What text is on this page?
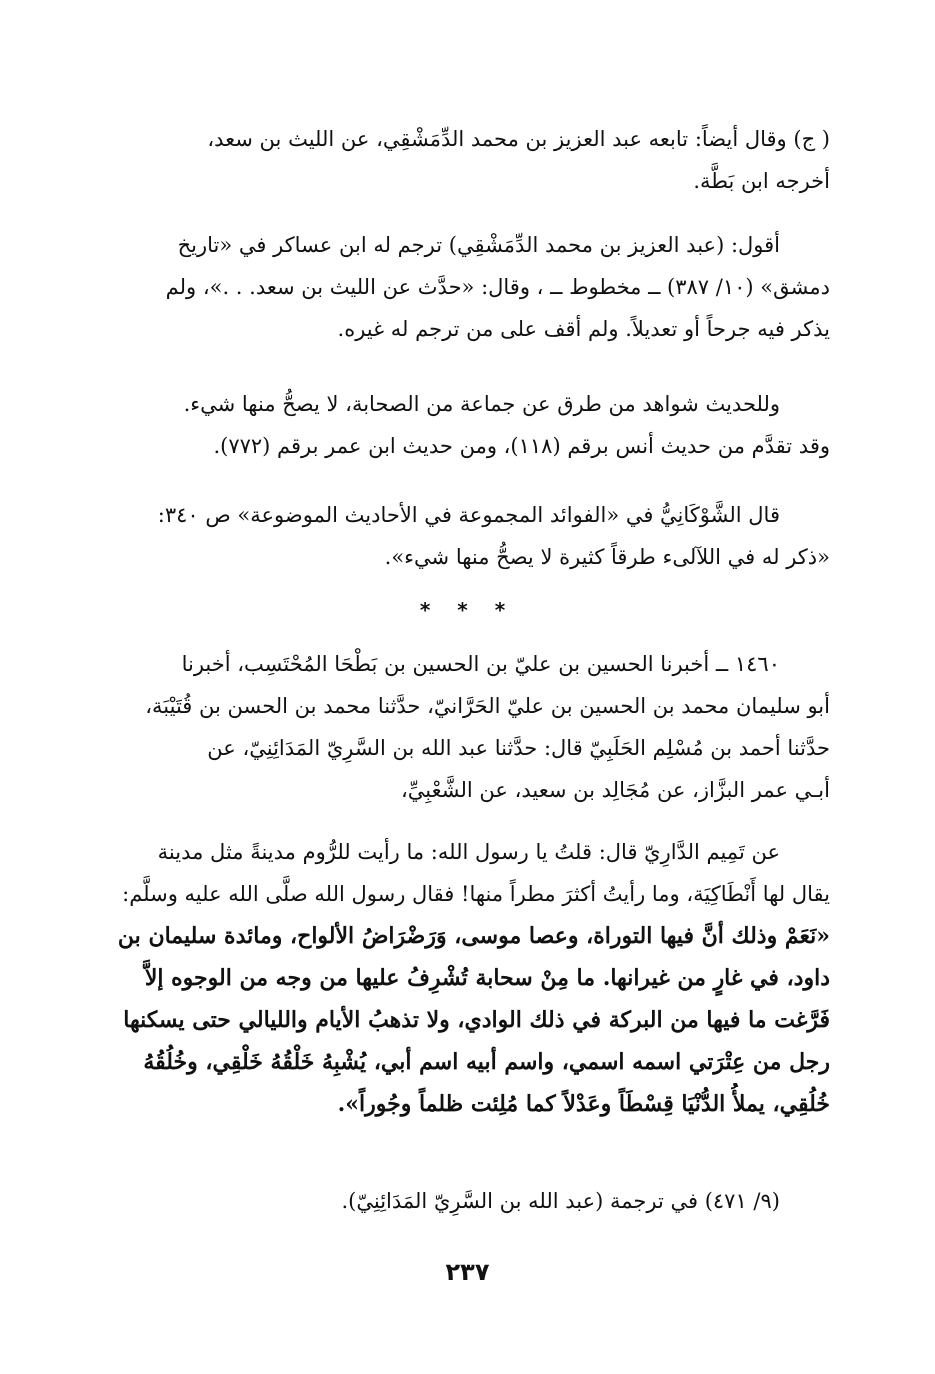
( ج) وقال أيضاً: تابعه عبد العزيز بن محمد الدِّمَشْقِي، عن الليث بن سعد،
أخرجه ابن بَطَّة.
أقول: (عبد العزيز بن محمد الدِّمَشْقِي) ترجم له ابن عساكر في «تاريخ
دمشق» (١٠/ ٣٨٧) ــ مخطوط ــ ، وقال: «حدَّث عن الليث بن سعد. . .»، ولم
يذكر فيه جرحاً أو تعديلاً. ولم أقف على من ترجم له غيره.
وللحديث شواهد من طرق عن جماعة من الصحابة، لا يصحُّ منها شيء.
وقد تقدَّم من حديث أنس برقم (١١٨)، ومن حديث ابن عمر برقم (٧٧٢).
قال الشَّوْكَانِيُّ في «الفوائد المجموعة في الأحاديث الموضوعة» ص ٣٤٠:
«ذكر له في اللآلىء طرقاً كثيرة لا يصحُّ منها شيء».
* * *
١٤٦٠ ــ أخبرنا الحسين بن عليّ بن الحسين بن بَطْحَا المُحْتَسِب، أخبرنا
أبو سليمان محمد بن الحسين بن عليّ الحَرَّانيّ، حدَّثنا محمد بن الحسن بن قُتَيْبَة،
حدَّثنا أحمد بن مُسْلِم الحَلَبِيّ قال: حدَّثنا عبد الله بن السَّرِيّ المَدَائِنِيّ، عن
أبـي عمر البزَّاز، عن مُجَالِد بن سعيد، عن الشَّعْبِيِّ،
عن تَمِيم الدَّارِيّ قال: قلتُ يا رسول الله: ما رأيت للرُّوم مدينةً مثل مدينة
يقال لها أَنْطَاكِيَة، وما رأيتُ أكثرَ مطراً منها! فقال رسول الله صلَّى الله عليه وسلَّم:
«نَعَمْ وذلك أنَّ فيها التوراة، وعصا موسى، وَرَضْرَاضُ الألواح، ومائدة سليمان بن
داود، في غارٍ من غيرانها. ما مِنْ سحابة تُشْرِفُ عليها من وجه من الوجوه إلاَّ
فَرَّغت ما فيها من البركة في ذلك الوادي، ولا تذهبُ الأيام والليالي حتى يسكنها
رجل من عِتْرَتي اسمه اسمي، واسم أبيه اسم أبي، يُشْبِهُ خَلْقُهُ خَلْقِي، وخُلُقُهُ
خُلُقِي، يملأُ الدُّنْيَا قِسْطَاً وعَدْلاً كما مُلِئت ظلماً وجُوراً».
(٩/ ٤٧١) في ترجمة (عبد الله بن السَّرِيّ المَدَائِنِيّ).
٢٣٧
